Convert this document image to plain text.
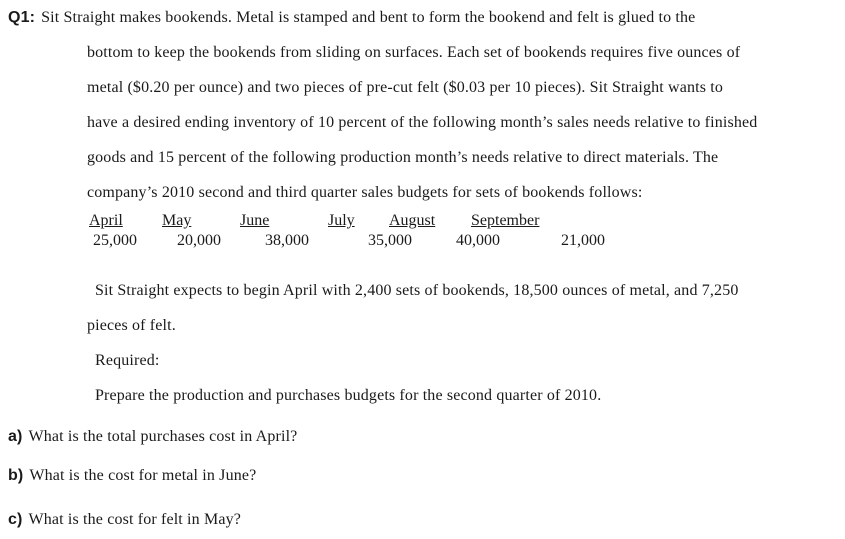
Q1: Sit Straight makes bookends. Metal is stamped and bent to form the bookend and felt is glued to the
bottom to keep the bookends from sliding on surfaces. Each set of bookends requires five ounces of
metal ($0.20 per ounce) and two pieces of pre-cut felt ($0.03 per 10 pieces). Sit Straight wants to
have a desired ending inventory of 10 percent of the following month’s sales needs relative to finished
goods and 15 percent of the following production month’s needs relative to direct materials. The
company’s 2010 second and third quarter sales budgets for sets of bookends follows:
April May	June	July August September
25,000	20,000	38,000	35,000	40,000	21,000
Sit Straight expects to begin April with 2,400 sets of bookends, 18,500 ounces of metal, and 7,250
pieces of felt.
Required:
Prepare the production and purchases budgets for the second quarter of 2010.
a) What is the total purchases cost in April?
b) What is the cost for metal in June?
c) What is the cost for felt in May?
